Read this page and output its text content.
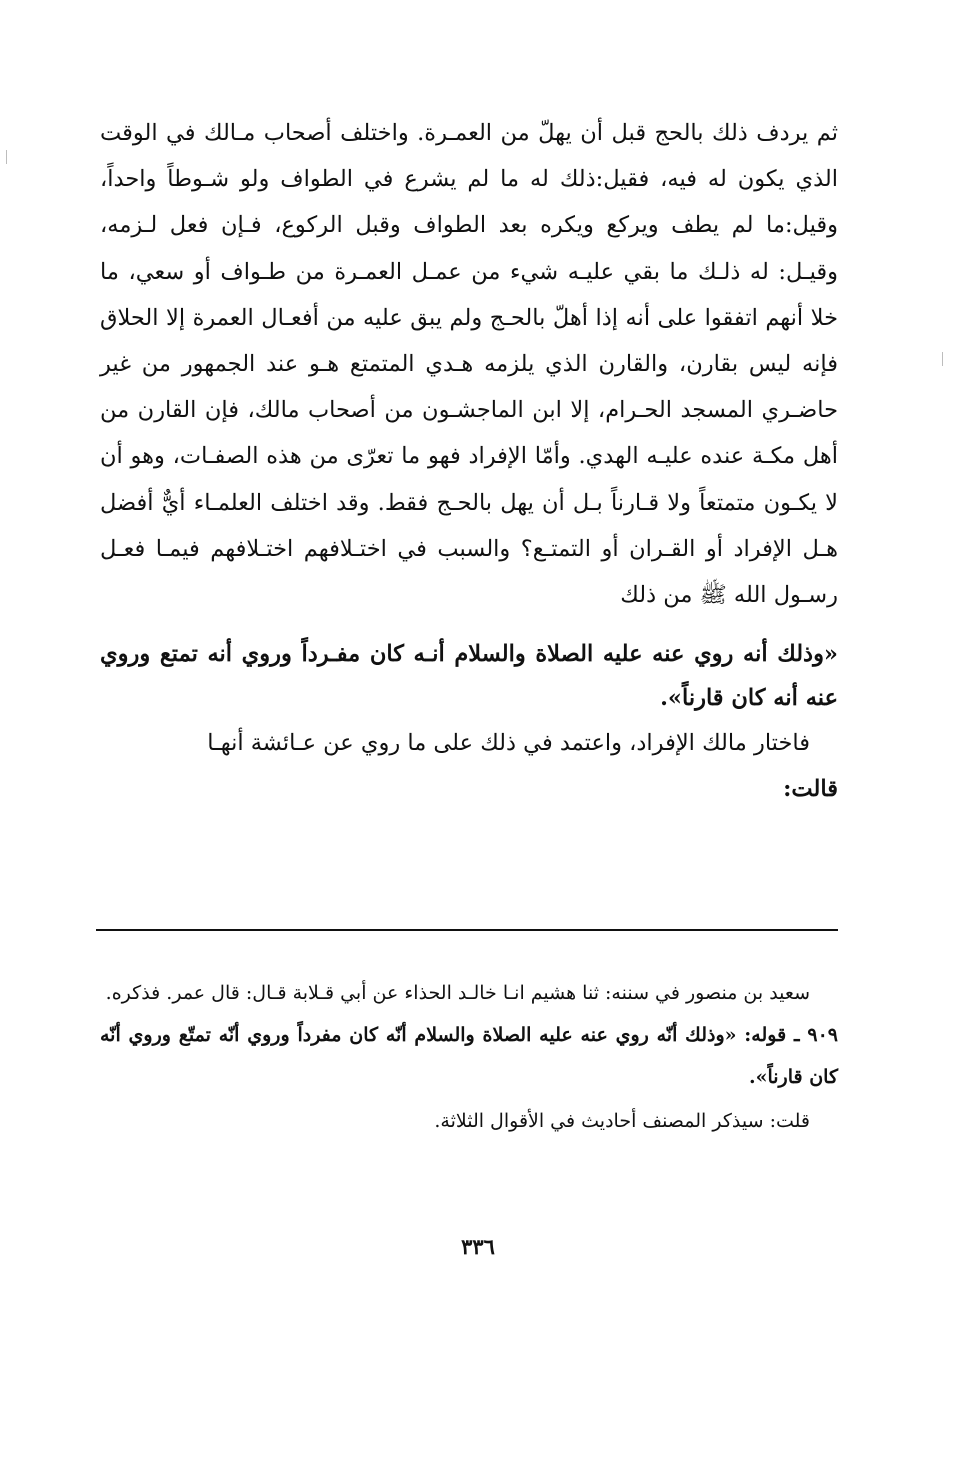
ثم يردف ذلك بالحج قبل أن يهلّ من العمـرة. واختلف أصحاب مـالك في الوقت الذي يكون له فيه، فقيل:ذلك له ما لم يشرع في الطواف ولو شـوطاً واحداً، وقيل:ما لم يطف ويركع ويكره بعد الطواف وقبل الركوع، فـإن فعل لـزمه، وقيـل: له ذلـك ما بقي عليـه شيء من عمـل العمـرة من طـواف أو سعي، ما خلا أنهم اتفقوا على أنه إذا أهلّ بالحـج ولم يبق عليه من أفعـال العمرة إلا الحلاق فإنه ليس بقارن، والقارن الذي يلزمه هـدي المتمتع هـو عند الجمهور من غير حاضـري المسجد الحـرام، إلا ابن الماجشـون من أصحاب مالك، فإن القارن من أهل مكـة عنده عليـه الهدي. وأمّا الإفراد فهو ما تعرّى من هذه الصفـات، وهو أن لا يكـون متمتعاً ولا قـارناً بـل أن يهل بالحـج فقط. وقد اختلف العلمـاء أيٌّ أفضل هـل الإفراد أو القـران أو التمتـع؟ والسبب في اختـلافهم اختـلافهم فيمـا فعـل رسـول الله ﷺ من ذلك

«وذلك أنه روي عنه عليه الصلاة والسلام أنـه كان مفـرداً وروي أنه تمتع وروي عنه أنه كان قارناً».

فاختار مالك الإفراد، واعتمد في ذلك على ما روي عن عـائشة أنهـا

قالت:

سعيد بن منصور في سننه: ثنا هشيم انـا خالـد الحذاء عن أبي قـلابة قـال: قال عمر. فذكره.

٩٠٩ ـ قوله: «وذلك أنّه روي عنه عليه الصلاة والسلام أنّه كان مفرداً وروي أنّه تمتّع وروي أنّه كان قارناً».

قلت: سيذكر المصنف أحاديث في الأقوال الثلاثة.

٣٣٦
